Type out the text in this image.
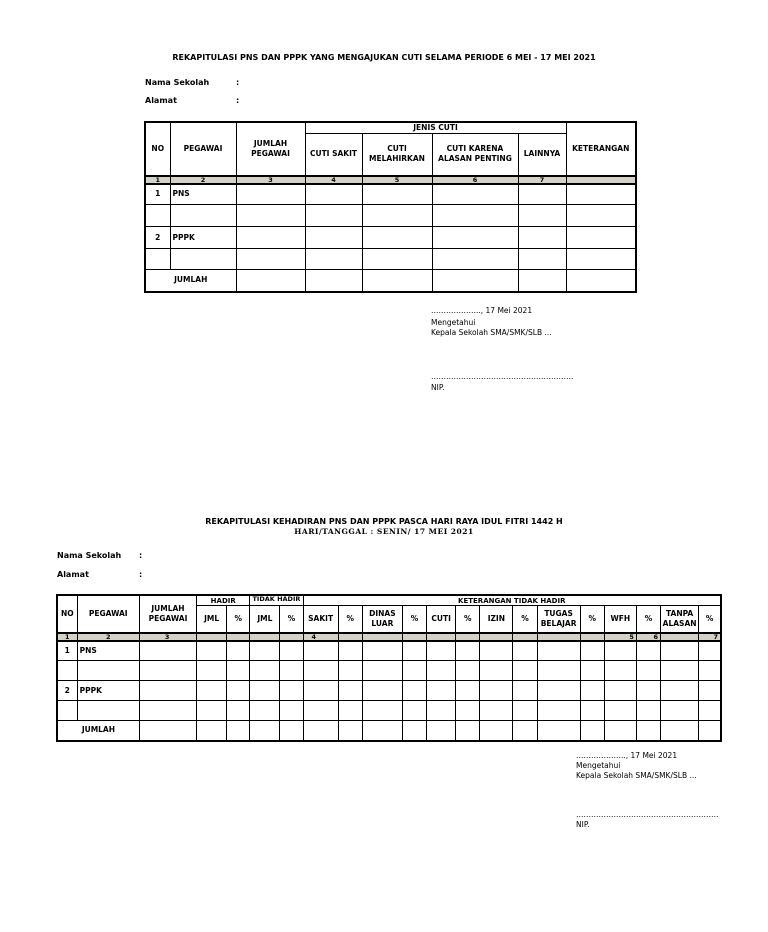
REKAPITULASI PNS DAN PPPK YANG MENGAJUKAN CUTI SELAMA PERIODE 6 MEI - 17 MEI 2021
Nama Sekolah	:
Alamat	:
NO	PEGAWAI	JUMLAH PEGAWAI	JENIS CUTI				KETERANGAN
			CUTI SAKIT	CUTI MELAHIRKAN	CUTI KARENA ALASAN PENTING	LAINNYA	
1	2	3	4	5	6	7	
1	PNS						

2	PPPK						

JUMLAH							
……………….., 17 Mei 2021
Mengetahui
Kepala Sekolah SMA/SMK/SLB ...
…………………………………………………
NIP.
REKAPITULASI KEHADIRAN PNS DAN PPPK PASCA HARI RAYA IDUL FITRI 1442 H
HARI/TANGGAL : SENIN/ 17 MEI 2021
Nama Sekolah :
Alamat	:
NO	PEGAWAI	JUMLAH PEGAWAI	HADIR		TIDAK HADIR		KETERANGAN TIDAK HADIR													
			JML	%	JML	%	SAKIT	%	DINAS LUAR	%	CUTI	%	IZIN	%	TUGAS BELAJAR	%	WFH	%	TANPA ALASAN	%
1	2	3					4										5	6		7
1	PNS																			

2	PPPK																			

JUMLAH																				
……………….., 17 Mei 2021
Mengetahui
Kepala Sekolah SMA/SMK/SLB ...
…………………………………………………
NIP.
